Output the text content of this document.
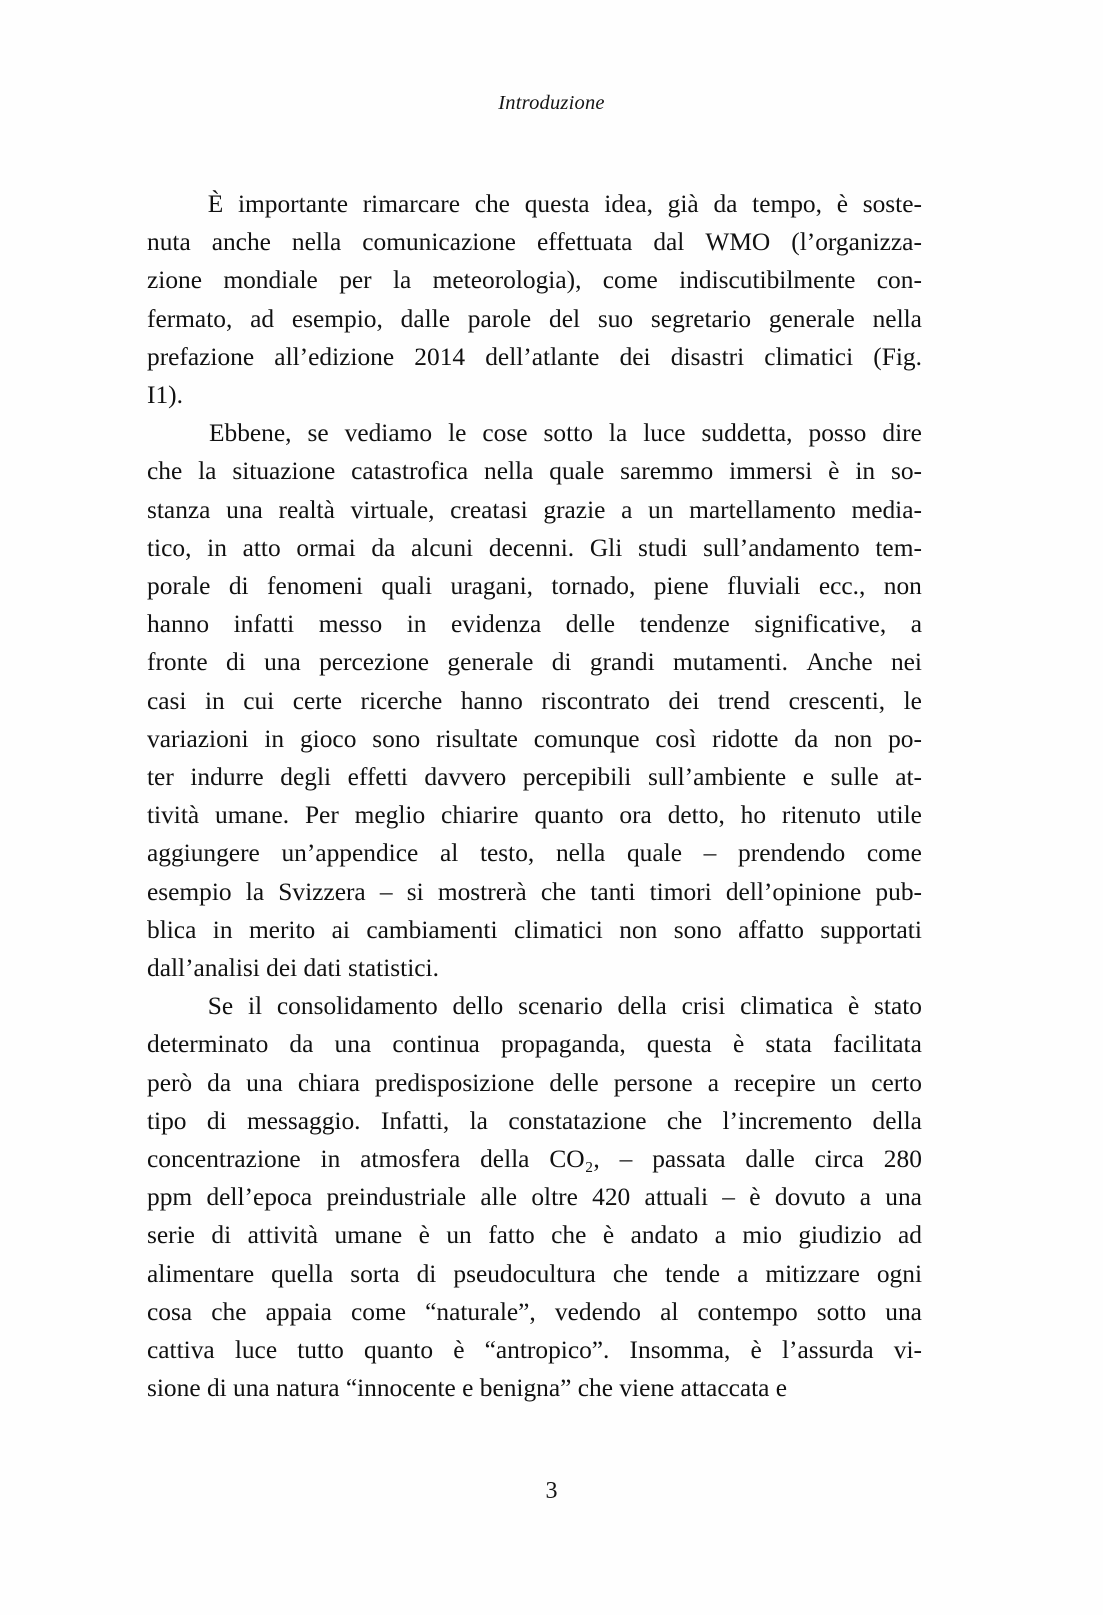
Introduzione
È importante rimarcare che questa idea, già da tempo, è soste-
nuta anche nella comunicazione effettuata dal WMO (l’organizza-
zione mondiale per la meteorologia), come indiscutibilmente con-
fermato, ad esempio, dalle parole del suo segretario generale nella
prefazione all’edizione 2014 dell’atlante dei disastri climatici (Fig.
I1).
Ebbene, se vediamo le cose sotto la luce suddetta, posso dire
che la situazione catastrofica nella quale saremmo immersi è in so-
stanza una realtà virtuale, creatasi grazie a un martellamento media-
tico, in atto ormai da alcuni decenni. Gli studi sull’andamento tem-
porale di fenomeni quali uragani, tornado, piene fluviali ecc., non
hanno infatti messo in evidenza delle tendenze significative, a
fronte di una percezione generale di grandi mutamenti. Anche nei
casi in cui certe ricerche hanno riscontrato dei trend crescenti, le
variazioni in gioco sono risultate comunque così ridotte da non po-
ter indurre degli effetti davvero percepibili sull’ambiente e sulle at-
tività umane. Per meglio chiarire quanto ora detto, ho ritenuto utile
aggiungere un’appendice al testo, nella quale – prendendo come
esempio la Svizzera – si mostrerà che tanti timori dell’opinione pub-
blica in merito ai cambiamenti climatici non sono affatto supportati
dall’analisi dei dati statistici.
Se il consolidamento dello scenario della crisi climatica è stato
determinato da una continua propaganda, questa è stata facilitata
però da una chiara predisposizione delle persone a recepire un certo
tipo di messaggio. Infatti, la constatazione che l’incremento della
concentrazione in atmosfera della CO₂, – passata dalle circa 280
ppm dell’epoca preindustriale alle oltre 420 attuali – è dovuto a una
serie di attività umane è un fatto che è andato a mio giudizio ad
alimentare quella sorta di pseudocultura che tende a mitizzare ogni
cosa che appaia come “naturale”, vedendo al contempo sotto una
cattiva luce tutto quanto è “antropico”. Insomma, è l’assurda vi-
sione di una natura “innocente e benigna” che viene attaccata e
3
